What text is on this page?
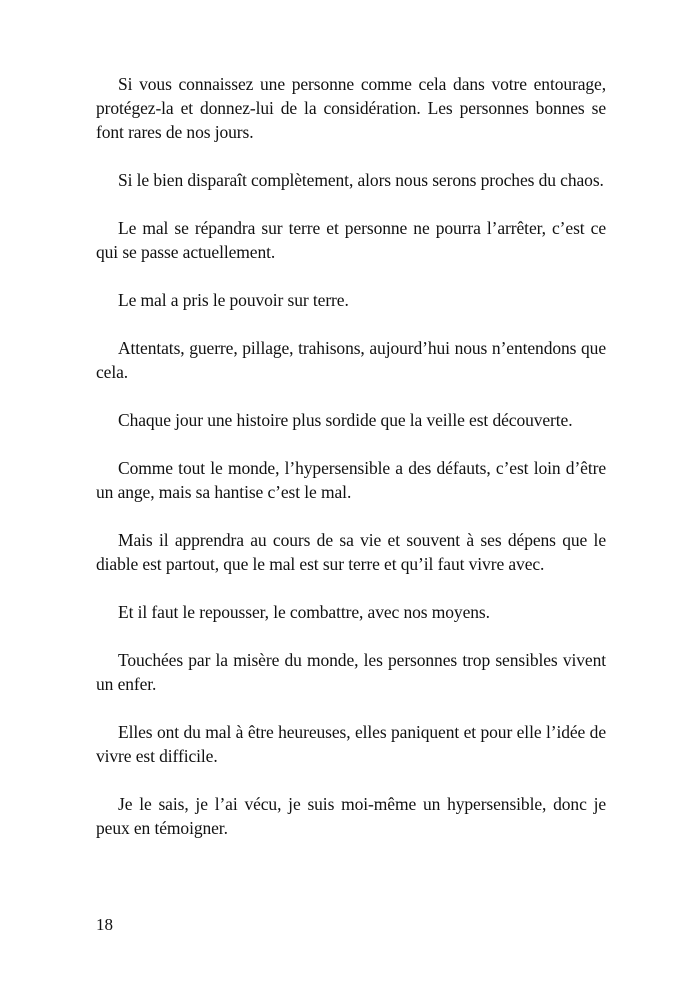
Si vous connaissez une personne comme cela dans votre entourage, protégez-la et donnez-lui de la considération. Les personnes bonnes se font rares de nos jours.

Si le bien disparaît complètement, alors nous serons proches du chaos.

Le mal se répandra sur terre et personne ne pourra l’arrêter, c’est ce qui se passe actuellement.

Le mal a pris le pouvoir sur terre.

Attentats, guerre, pillage, trahisons, aujourd’hui nous n’entendons que cela.

Chaque jour une histoire plus sordide que la veille est découverte.

Comme tout le monde, l’hypersensible a des défauts, c’est loin d’être un ange, mais sa hantise c’est le mal.

Mais il apprendra au cours de sa vie et souvent à ses dépens que le diable est partout, que le mal est sur terre et qu’il faut vivre avec.

Et il faut le repousser, le combattre, avec nos moyens.

Touchées par la misère du monde, les personnes trop sensibles vivent un enfer.

Elles ont du mal à être heureuses, elles paniquent et pour elle l’idée de vivre est difficile.

Je le sais, je l’ai vécu, je suis moi-même un hypersensible, donc je peux en témoigner.

18
